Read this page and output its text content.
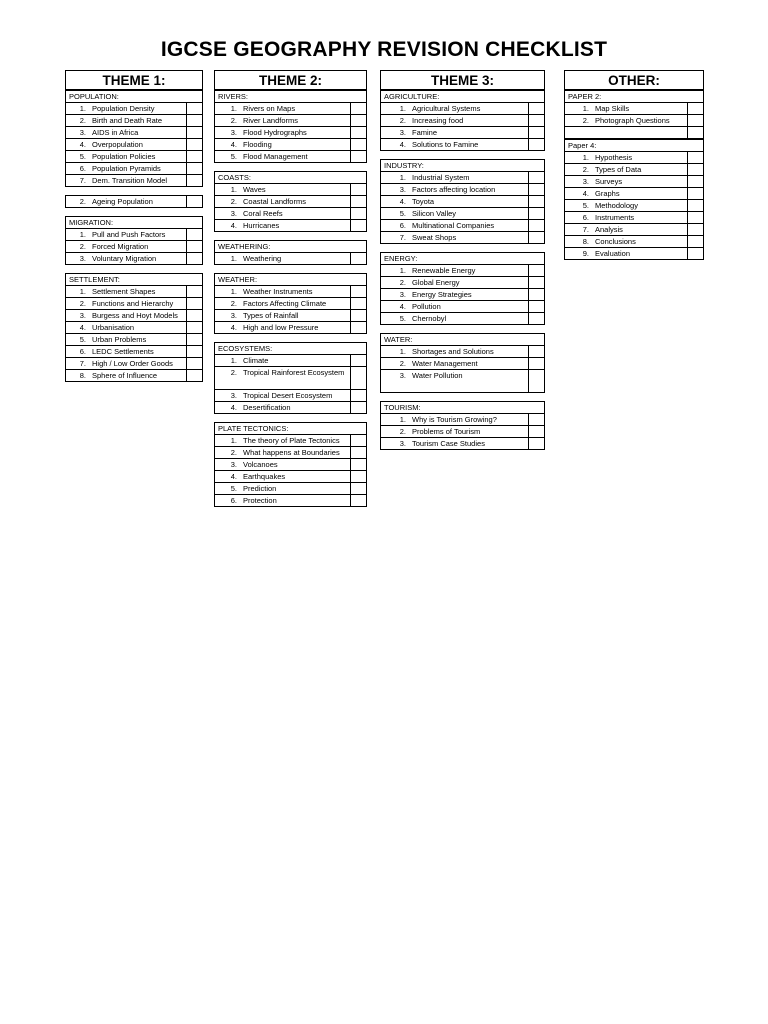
IGCSE GEOGRAPHY REVISION CHECKLIST
THEME 1:
POPULATION:
1. Population Density
2. Birth and Death Rate
3. AIDS in Africa
4. Overpopulation
5. Population Policies
6. Population Pyramids
7. Dem. Transition Model
2. Ageing Population
MIGRATION:
1. Pull and Push Factors
2. Forced Migration
3. Voluntary Migration
SETTLEMENT:
1. Settlement Shapes
2. Functions and Hierarchy
3. Burgess and Hoyt Models
4. Urbanisation
5. Urban Problems
6. LEDC Settlements
7. High / Low Order Goods
8. Sphere of Influence
THEME 2:
RIVERS:
1. Rivers on Maps
2. River Landforms
3. Flood Hydrographs
4. Flooding
5. Flood Management
COASTS:
1. Waves
2. Coastal Landforms
3. Coral Reefs
4. Hurricanes
WEATHERING:
1. Weathering
WEATHER:
1. Weather Instruments
2. Factors Affecting Climate
3. Types of Rainfall
4. High and low Pressure
ECOSYSTEMS:
1. Climate
2. Tropical Rainforest Ecosystem
3. Tropical Desert Ecosystem
4. Desertification
PLATE TECTONICS:
1. The theory of Plate Tectonics
2. What happens at Boundaries
3. Volcanoes
4. Earthquakes
5. Prediction
6. Protection
THEME 3:
AGRICULTURE:
1. Agricultural Systems
2. Increasing food
3. Famine
4. Solutions to Famine
INDUSTRY:
1. Industrial System
3. Factors affecting location
4. Toyota
5. Silicon Valley
6. Multinational Companies
7. Sweat Shops
ENERGY:
1. Renewable Energy
2. Global Energy
3. Energy Strategies
4. Pollution
5. Chernobyl
WATER:
1. Shortages and Solutions
2. Water Management
3. Water Pollution
TOURISM:
1. Why is Tourism Growing?
2. Problems of Tourism
3. Tourism Case Studies
OTHER:
PAPER 2:
1. Map Skills
2. Photograph Questions
Paper 4:
1. Hypothesis
2. Types of Data
3. Surveys
4. Graphs
5. Methodology
6. Instruments
7. Analysis
8. Conclusions
9. Evaluation
